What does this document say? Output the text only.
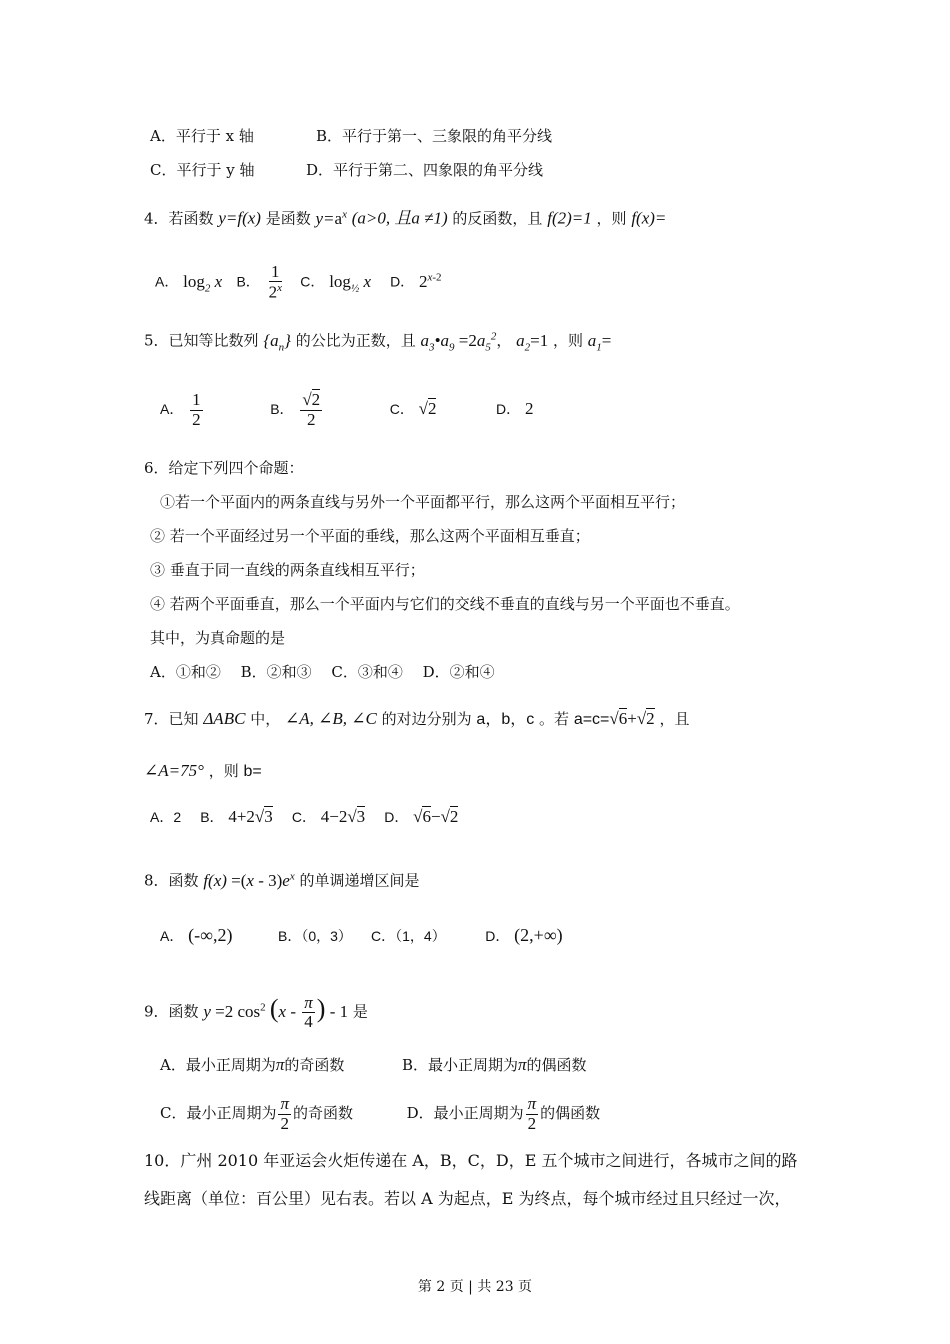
A．平行于 x 轴	B．平行于第一、三象限的角平分线
C．平行于 y 轴	D．平行于第二、四象限的角平分线
4．若函数 y=f(x) 是函数 $y=a^x$ (a>0, 且a ≠1) 的反函数，且 f(2)=1 ，则 f(x)=
A． $\log_2 x$ B． $\frac{1}{2^x}$ C． $\log_{\frac{1}{2}} x$ D． 2$^{x-2}$
5．已知等比数列 $\{a_n\}$ 的公比为正数，且 $a_3•a_9 =2a_5^2$， $a_2=1$ ，则 $a_1=$
A． $\frac{1}{2}$	B． $\frac{√2}{2}$	C． √2	D． 2
6．给定下列四个命题：
①若一个平面内的两条直线与另外一个平面都平行，那么这两个平面相互平行；
② 若一个平面经过另一个平面的垂线，那么这两个平面相互垂直；
③ 垂直于同一直线的两条直线相互平行；
④ 若两个平面垂直，那么一个平面内与它们的交线不垂直的直线与另一个平面也不垂直。
其中，为真命题的是
A．①和②　 B．②和③　 C．③和④　 D．②和④
7．已知 ΔABC 中， ∠A, ∠B, ∠C 的对边分别为 a，b，c 。若 a=c=√6+√2 ，且
∠A=75° ，则 b=
A．2 B． 4+2√3 C． 4−2√3 D． √6−√2
8．函数 $f(x) =(x - 3)e^x$ 的单调递增区间是
A． (-∞,2)	B．（0，3） C．（1，4）	D． (2,+∞)
9．函数 y =2 $\cos^2 (x - \frac{\pi}{4}$ ) - 1 是
A．最小正周期为π的奇函数	B．最小正周期为π的偶函数
C．最小正周期为 $\frac{\pi}{2}$ 的奇函数	D．最小正周期为 $\frac{\pi}{2}$ 的偶函数
10．广州 2010 年亚运会火炬传递在 A，B，C，D，E 五个城市之间进行，各城市之间的路
线距离（单位：百公里）见右表。若以 A 为起点，E 为终点，每个城市经过且只经过一次，
第 2 页 | 共 23 页
